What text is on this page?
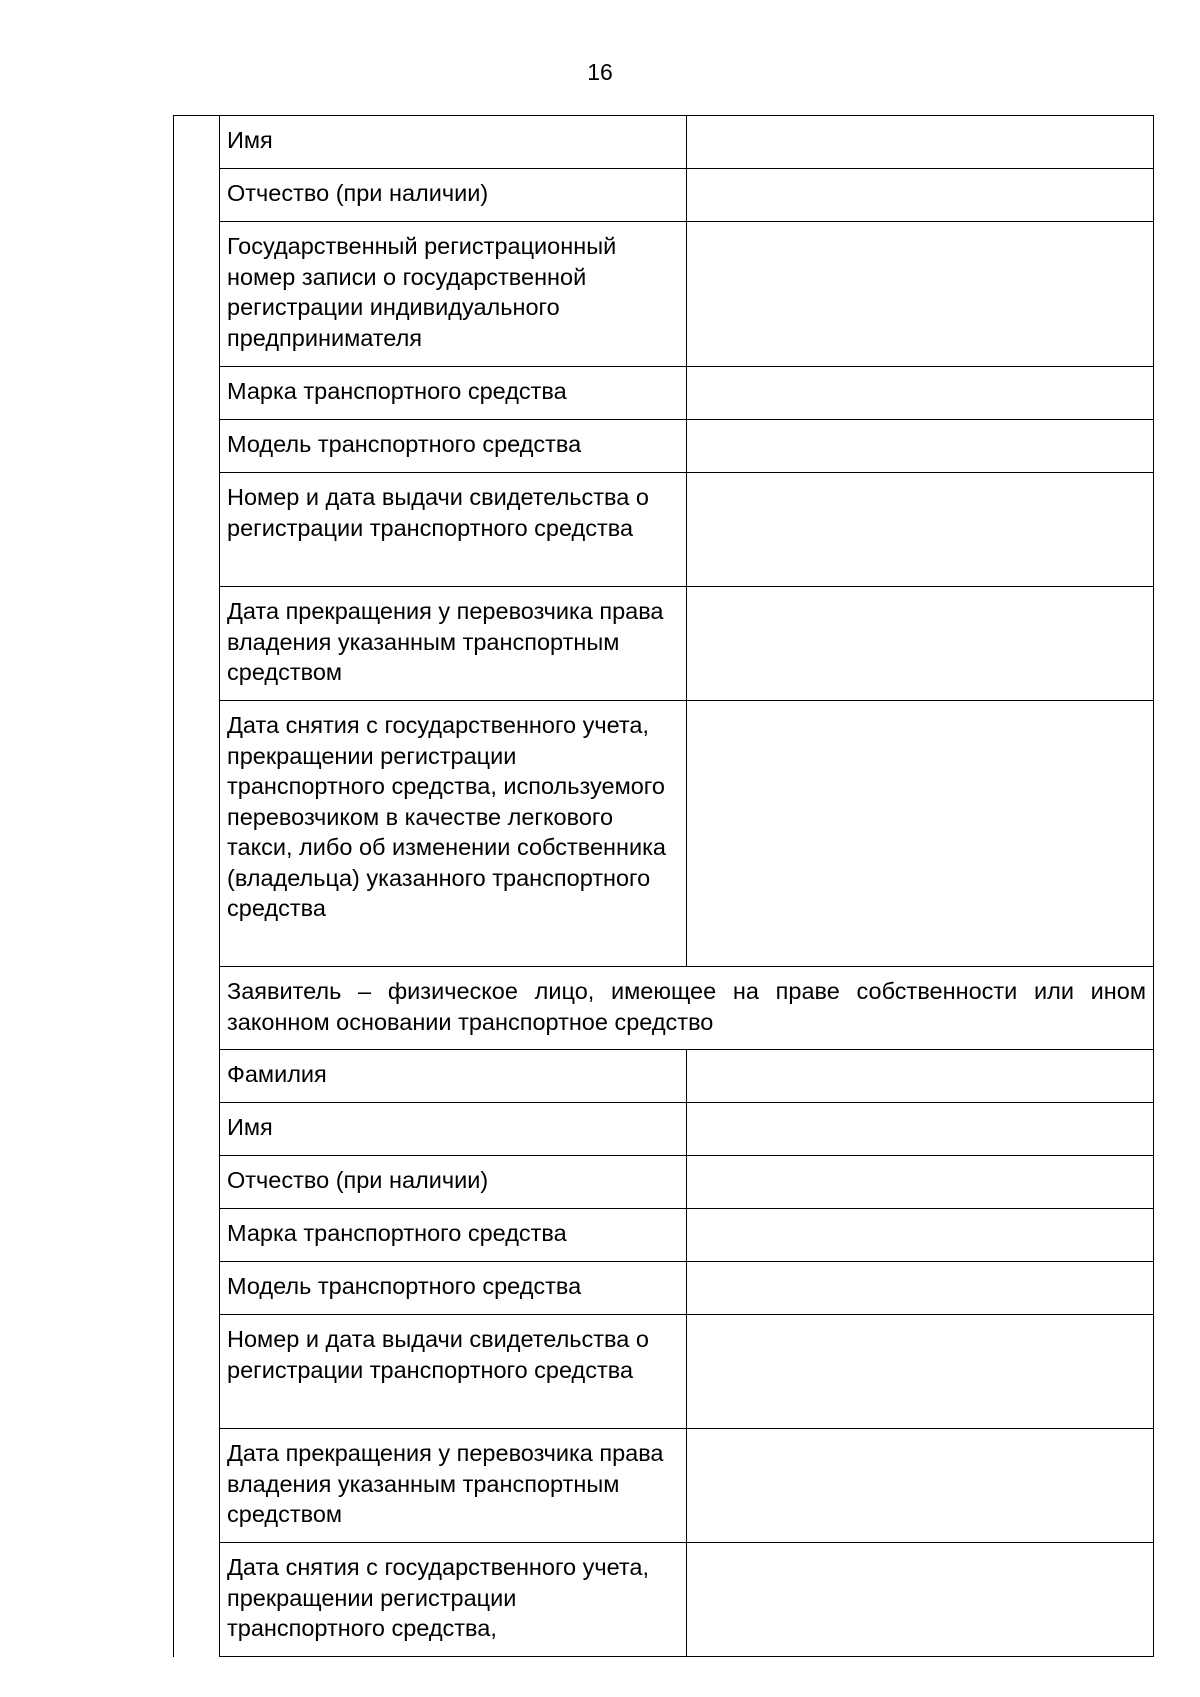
16
	Имя	
	Отчество (при наличии)	
	Государственный регистрационный номер записи о государственной регистрации индивидуального предпринимателя	
	Марка транспортного средства	
	Модель транспортного средства	
	Номер и дата выдачи свидетельства о регистрации транспортного средства	
	Дата прекращения у перевозчика права владения указанным транспортным средством	
	Дата снятия с государственного учета, прекращении регистрации транспортного средства, используемого перевозчиком в качестве легкового такси, либо об изменении собственника (владельца) указанного транспортного средства	
	Заявитель – физическое лицо, имеющее на праве собственности или ином законном основании транспортное средство	
	Фамилия	
	Имя	
	Отчество (при наличии)	
	Марка транспортного средства	
	Модель транспортного средства	
	Номер и дата выдачи свидетельства о регистрации транспортного средства	
	Дата прекращения у перевозчика права владения указанным транспортным средством	
	Дата снятия с государственного учета, прекращении регистрации транспортного средства,	
